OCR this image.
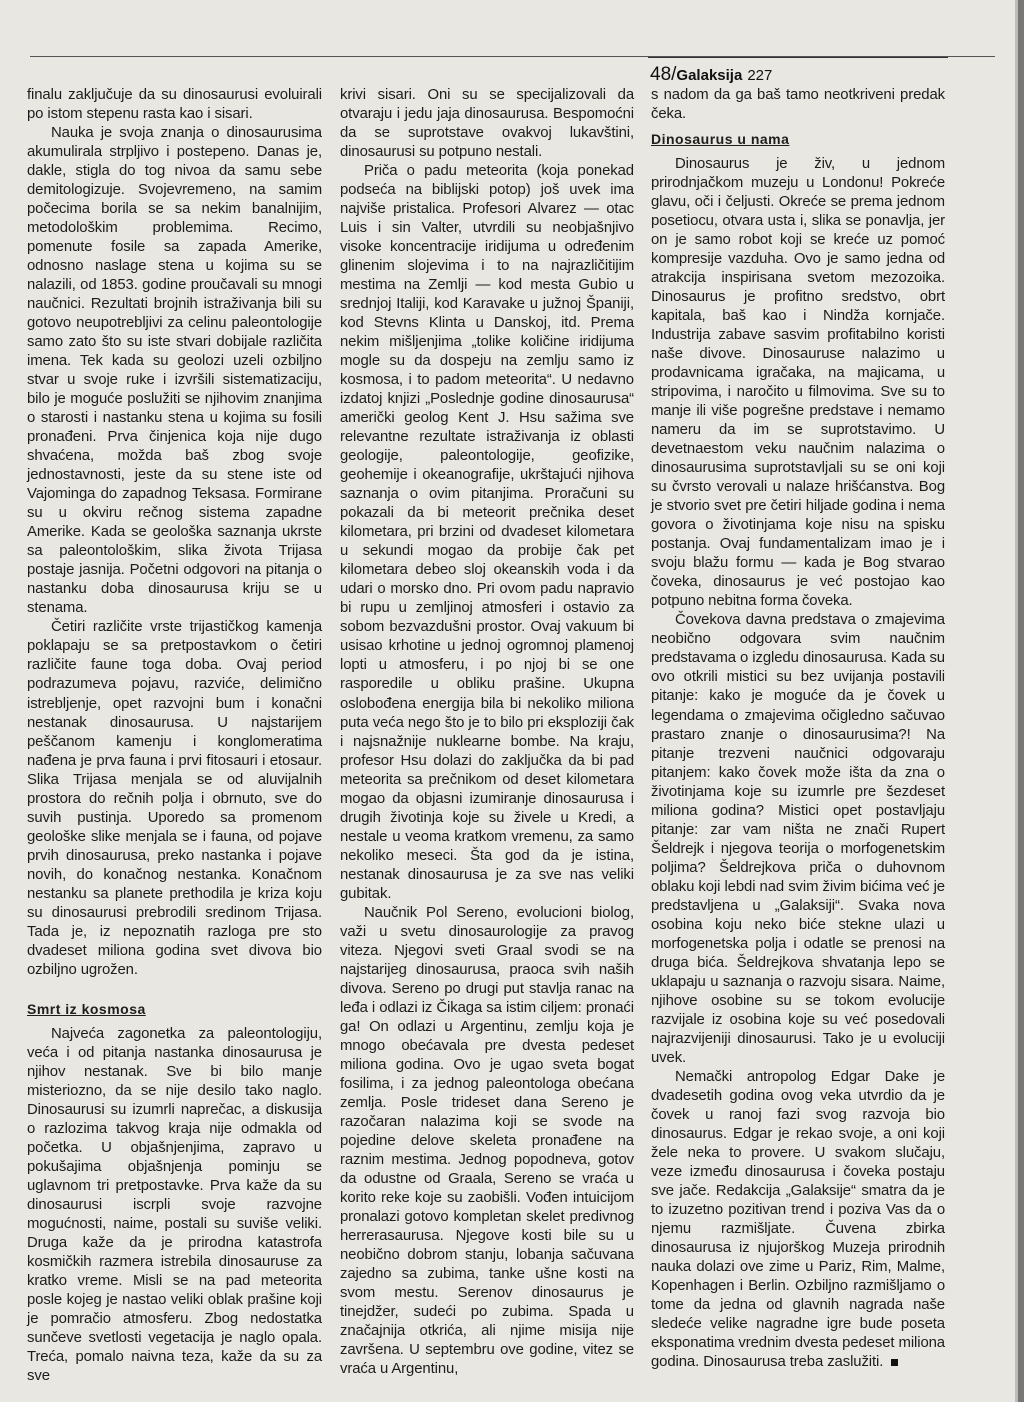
48/Galaksija 227

finalu zaključuje da su dinosaurusi evoluirali po istom stepenu rasta kao i sisari.

Nauka je svoja znanja o dinosaurusima akumulirala strpljivo i postepeno. Danas je, dakle, stigla do tog nivoa da samu sebe demitologizuje. Svojevremeno, na samim počecima borila se sa nekim banalnijim, metodološkim problemima. Recimo, pomenute fosile sa zapada Amerike, odnosno naslage stena u kojima su se nalazili, od 1853. godine proučavali su mnogi naučnici. Rezultati brojnih istraživanja bili su gotovo neupotrebljivi za celinu paleontologije samo zato što su iste stvari dobijale različita imena. Tek kada su geolozi uzeli ozbiljno stvar u svoje ruke i izvršili sistematizaciju, bilo je moguće poslužiti se njihovim znanjima o starosti i nastanku stena u kojima su fosili pronađeni. Prva činjenica koja nije dugo shvaćena, možda baš zbog svoje jednostavnosti, jeste da su stene iste od Vajominga do zapadnog Teksasa. Formirane su u okviru rečnog sistema zapadne Amerike. Kada se geološka saznanja ukrste sa paleontološkim, slika života Trijasa postaje jasnija. Početni odgovori na pitanja o nastanku doba dinosaurusa kriju se u stenama.

Četiri različite vrste trijastičkog kamenja poklapaju se sa pretpostavkom o četiri različite faune toga doba. Ovaj period podrazumeva pojavu, razviće, delimično istrebljenje, opet razvojni bum i konačni nestanak dinosaurusa. U najstarijem peščanom kamenju i konglomeratima nađena je prva fauna i prvi fitosauri i etosaur. Slika Trijasa menjala se od aluvijalnih prostora do rečnih polja i obrnuto, sve do suvih pustinja. Uporedo sa promenom geološke slike menjala se i fauna, od pojave prvih dinosaurusa, preko nastanka i pojave novih, do konačnog nestanka. Konačnom nestanku sa planete prethodila je kriza koju su dinosaurusi prebrodili sredinom Trijasa. Tada je, iz nepoznatih razloga pre sto dvadeset miliona godina svet divova bio ozbiljno ugrožen.

Smrt iz kosmosa

Najveća zagonetka za paleontologiju, veća i od pitanja nastanka dinosaurusa je njihov nestanak. Sve bi bilo manje misteriozno, da se nije desilo tako naglo. Dinosaurusi su izumrli naprečac, a diskusija o razlozima takvog kraja nije odmakla od početka. U objašnjenjima, zapravo u pokušajima objašnjenja pominju se uglavnom tri pretpostavke. Prva kaže da su dinosaurusi iscrpli svoje razvojne mogućnosti, naime, postali su suviše veliki. Druga kaže da je prirodna katastrofa kosmičkih razmera istrebila dinosauruse za kratko vreme. Misli se na pad meteorita posle kojeg je nastao veliki oblak prašine koji je pomračio atmosferu. Zbog nedostatka sunčeve svetlosti vegetacija je naglo opala. Treća, pomalo naivna teza, kaže da su za sve

krivi sisari. Oni su se specijalizovali da otvaraju i jedu jaja dinosaurusa. Bespomoćni da se suprotstave ovakvoj lukavštini, dinosaurusi su potpuno nestali.

Priča o padu meteorita (koja ponekad podseća na biblijski potop) još uvek ima najviše pristalica. Profesori Alvarez — otac Luis i sin Valter, utvrdili su neobjašnjivo visoke koncentracije iridijuma u određenim glinenim slojevima i to na najrazličitijim mestima na Zemlji — kod mesta Gubio u srednjoj Italiji, kod Karavake u južnoj Španiji, kod Stevns Klinta u Danskoj, itd. Prema nekim mišljenjima „tolike količine iridijuma mogle su da dospeju na zemlju samo iz kosmosa, i to padom meteorita“. U nedavno izdatoj knjizi „Poslednje godine dinosaurusa“ američki geolog Kent J. Hsu sažima sve relevantne rezultate istraživanja iz oblasti geologije, paleontologije, geofizike, geohemije i okeanografije, ukrštajući njihova saznanja o ovim pitanjima. Proračuni su pokazali da bi meteorit prečnika deset kilometara, pri brzini od dvadeset kilometara u sekundi mogao da probije čak pet kilometara debeo sloj okeanskih voda i da udari o morsko dno. Pri ovom padu napravio bi rupu u zemljinoj atmosferi i ostavio za sobom bezvazdušni prostor. Ovaj vakuum bi usisao krhotine u jednoj ogromnoj plamenoj lopti u atmosferu, i po njoj bi se one rasporedile u obliku prašine. Ukupna oslobođena energija bila bi nekoliko miliona puta veća nego što je to bilo pri eksploziji čak i najsnažnije nuklearne bombe. Na kraju, profesor Hsu dolazi do zaključka da bi pad meteorita sa prečnikom od deset kilometara mogao da objasni izumiranje dinosaurusa i drugih životinja koje su živele u Kredi, a nestale u veoma kratkom vremenu, za samo nekoliko meseci. Šta god da je istina, nestanak dinosaurusa je za sve nas veliki gubitak.

Naučnik Pol Sereno, evolucioni biolog, važi u svetu dinosaurologije za pravog viteza. Njegovi sveti Graal svodi se na najstarijeg dinosaurusa, praoca svih naših divova. Sereno po drugi put stavlja ranac na leđa i odlazi iz Čikaga sa istim ciljem: pronaći ga! On odlazi u Argentinu, zemlju koja je mnogo obećavala pre dvesta pedeset miliona godina. Ovo je ugao sveta bogat fosilima, i za jednog paleontologa obećana zemlja. Posle trideset dana Sereno je razočaran nalazima koji se svode na pojedine delove skeleta pronađene na raznim mestima. Jednog popodneva, gotov da odustne od Graala, Sereno se vraća u korito reke koje su zaobišli. Vođen intuicijom pronalazi gotovo kompletan skelet predivnog herrerasaurusa. Njegove kosti bile su u neobično dobrom stanju, lobanja sačuvana zajedno sa zubima, tanke ušne kosti na svom mestu. Serenov dinosaurus je tinejdžer, sudeći po zubima. Spada u značajnija otkrića, ali njime misija nije završena. U septembru ove godine, vitez se vraća u Argentinu,

s nadom da ga baš tamo neotkriveni predak čeka.

Dinosaurus u nama

Dinosaurus je živ, u jednom prirodnjačkom muzeju u Londonu! Pokreće glavu, oči i čeljusti. Okreće se prema jednom posetiocu, otvara usta i, slika se ponavlja, jer on je samo robot koji se kreće uz pomoć kompresije vazduha. Ovo je samo jedna od atrakcija inspirisana svetom mezozoika. Dinosaurus je profitno sredstvo, obrt kapitala, baš kao i Nindža kornjače. Industrija zabave sasvim profitabilno koristi naše divove. Dinosauruse nalazimo u prodavnicama igračaka, na majicama, u stripovima, i naročito u filmovima. Sve su to manje ili više pogrešne predstave i nemamo nameru da im se suprotstavimo. U devetnaestom veku naučnim nalazima o dinosaurusima suprotstavljali su se oni koji su čvrsto verovali u nalaze hrišćanstva. Bog je stvorio svet pre četiri hiljade godina i nema govora o životinjama koje nisu na spisku postanja. Ovaj fundamentalizam imao je i svoju blažu formu — kada je Bog stvarao čoveka, dinosaurus je već postojao kao potpuno nebitna forma čoveka.

Čovekova davna predstava o zmajevima neobično odgovara svim naučnim predstavama o izgledu dinosaurusa. Kada su ovo otkrili mistici su bez uvijanja postavili pitanje: kako je moguće da je čovek u legendama o zmajevima očigledno sačuvao prastaro znanje o dinosaurusima?! Na pitanje trezveni naučnici odgovaraju pitanjem: kako čovek može išta da zna o životinjama koje su izumrle pre šezdeset miliona godina? Mistici opet postavljaju pitanje: zar vam ništa ne znači Rupert Šeldrejk i njegova teorija o morfogenetskim poljima? Šeldrejkova priča o duhovnom oblaku koji lebdi nad svim živim bićima već je predstavljena u „Galaksiji“. Svaka nova osobina koju neko biće stekne ulazi u morfogenetska polja i odatle se prenosi na druga bića. Šeldrejkova shvatanja lepo se uklapaju u saznanja o razvoju sisara. Naime, njihove osobine su se tokom evolucije razvijale iz osobina koje su već posedovali najrazvijeniji dinosaurusi. Tako je u evoluciji uvek.

Nemački antropolog Edgar Dake je dvadesetih godina ovog veka utvrdio da je čovek u ranoj fazi svog razvoja bio dinosaurus. Edgar je rekao svoje, a oni koji žele neka to provere. U svakom slučaju, veze između dinosaurusa i čoveka postaju sve jače. Redakcija „Galaksije“ smatra da je to izuzetno pozitivan trend i poziva Vas da o njemu razmišljate. Čuvena zbirka dinosaurusa iz njujorškog Muzeja prirodnih nauka dolazi ove zime u Pariz, Rim, Malme, Kopenhagen i Berlin. Ozbiljno razmišljamo o tome da jedna od glavnih nagrada naše sledeće velike nagradne igre bude poseta eksponatima vrednim dvesta pedeset miliona godina. Dinosaurusa treba zaslužiti.
